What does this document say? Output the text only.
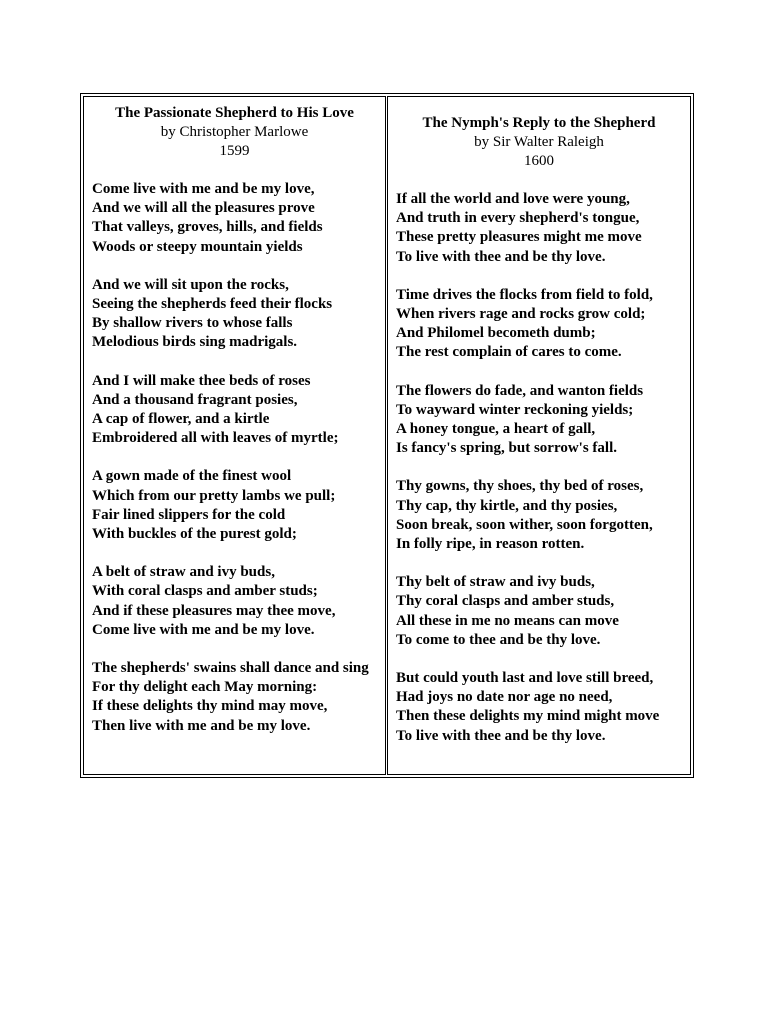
The Passionate Shepherd to His Love
by Christopher Marlowe
1599
Come live with me and be my love,
And we will all the pleasures prove
That valleys, groves, hills, and fields
Woods or steepy mountain yields
And we will sit upon the rocks,
Seeing the shepherds feed their flocks
By shallow rivers to whose falls
Melodious birds sing madrigals.
And I will make thee beds of roses
And a thousand fragrant posies,
A cap of flower, and a kirtle
Embroidered all with leaves of myrtle;
A gown made of the finest wool
Which from our pretty lambs we pull;
Fair lined slippers for the cold
With buckles of the purest gold;
A belt of straw and ivy buds,
With coral clasps and amber studs;
And if these pleasures may thee move,
Come live with me and be my love.
The shepherds' swains shall dance and sing
For thy delight each May morning:
If these delights thy mind may move,
Then live with me and be my love.
The Nymph's Reply to the Shepherd
by Sir Walter Raleigh
1600
If all the world and love were young,
And truth in every shepherd's tongue,
These pretty pleasures might me move
To live with thee and be thy love.
Time drives the flocks from field to fold,
When rivers rage and rocks grow cold;
And Philomel becometh dumb;
The rest complain of cares to come.
The flowers do fade, and wanton fields
To wayward winter reckoning yields;
A honey tongue, a heart of gall,
Is fancy's spring, but sorrow's fall.
Thy gowns, thy shoes, thy bed of roses,
Thy cap, thy kirtle, and thy posies,
Soon break, soon wither, soon forgotten,
In folly ripe, in reason rotten.
Thy belt of straw and ivy buds,
Thy coral clasps and amber studs,
All these in me no means can move
To come to thee and be thy love.
But could youth last and love still breed,
Had joys no date nor age no need,
Then these delights my mind might move
To live with thee and be thy love.
